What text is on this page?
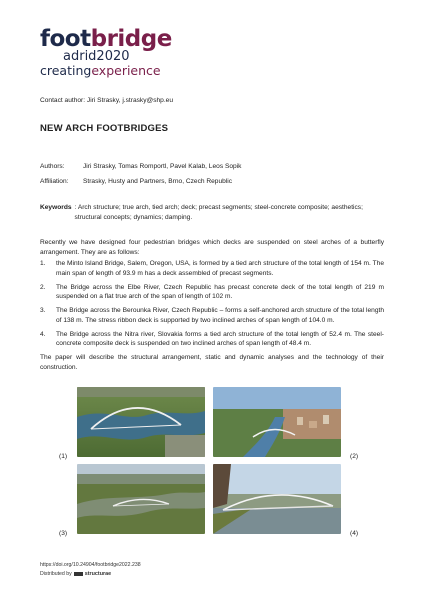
footbridge
adrid2020
creatingexperience
Contact author: Jiri Strasky, j.strasky@shp.eu
NEW ARCH FOOTBRIDGES
Authors:	Jiri Strasky, Tomas Romportl, Pavel Kalab, Leos Sopik
Affiliation:	Strasky, Husty and Partners, Brno, Czech Republic
Keywords : Arch structure; true arch, tied arch; deck; precast segments; steel-concrete composite; aesthetics; structural concepts; dynamics; damping.
Recently we have designed four pedestrian bridges which decks are suspended on steel arches of a butterfly arrangement. They are as follows:
1.	the Minto Island Bridge, Salem, Oregon, USA, is formed by a tied arch structure of the total length of 154 m. The main span of length of 93.9 m has a deck assembled of precast segments.
2.	The Bridge across the Elbe River, Czech Republic has precast concrete deck of the total length of 219 m suspended on a flat true arch of the span of length of 102 m.
3.	The Bridge across the Berounka River, Czech Republic – forms a self-anchored arch structure of the total length of 138 m. The stress ribbon deck is supported by two inclined arches of span length of 104.0 m.
4.	The Bridge across the Nitra river, Slovakia forms a tied arch structure of the total length of 52.4 m. The steel-concrete composite deck is suspended on two inclined arches of span length of 48.4 m.
The paper will describe the structural arrangement, static and dynamic analyses and the technology of their construction.
(1)	(2)
(3)	(4)
https://doi.org/10.24904/footbridge2022.238
Distributed by structurae
